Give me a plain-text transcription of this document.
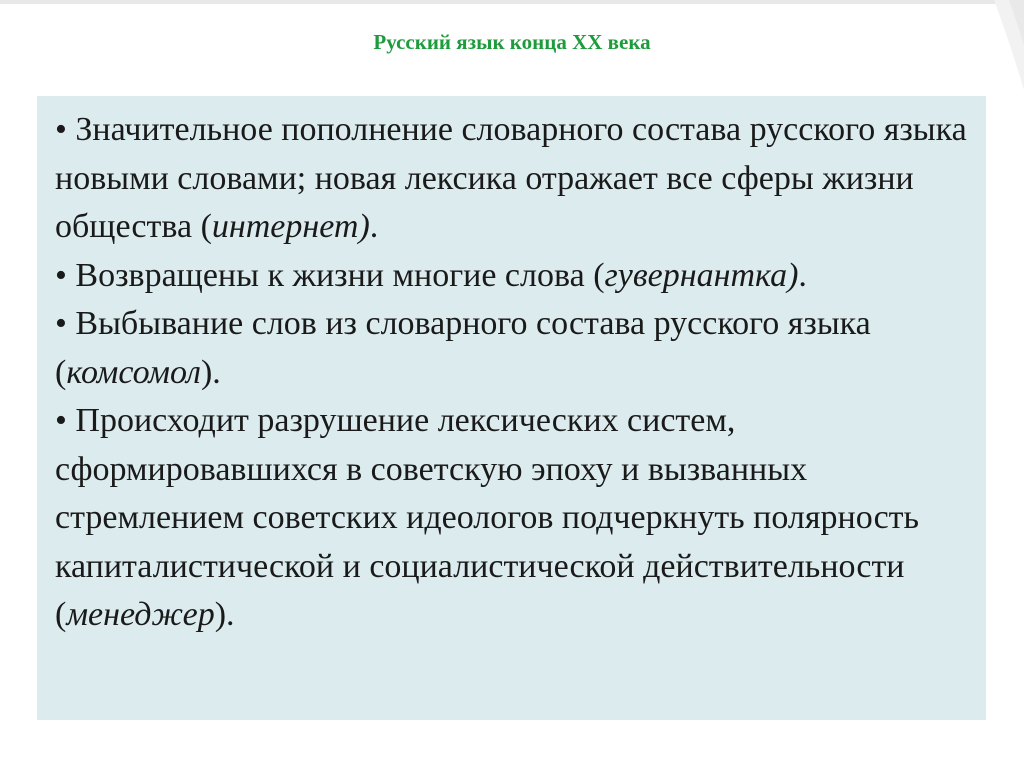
Русский язык конца XX века

• Значительное пополнение словарного состава русского языка новыми словами; новая лексика отражает все сферы жизни общества (интернет).

• Возвращены к жизни многие слова (гувернантка).

• Выбывание слов из словарного состава русского языка (комсомол).

• Происходит разрушение лексических систем, сформировавшихся в советскую эпоху и вызванных стремлением советских идеологов подчеркнуть полярность капиталистической и социалистической действительности (менеджер).
